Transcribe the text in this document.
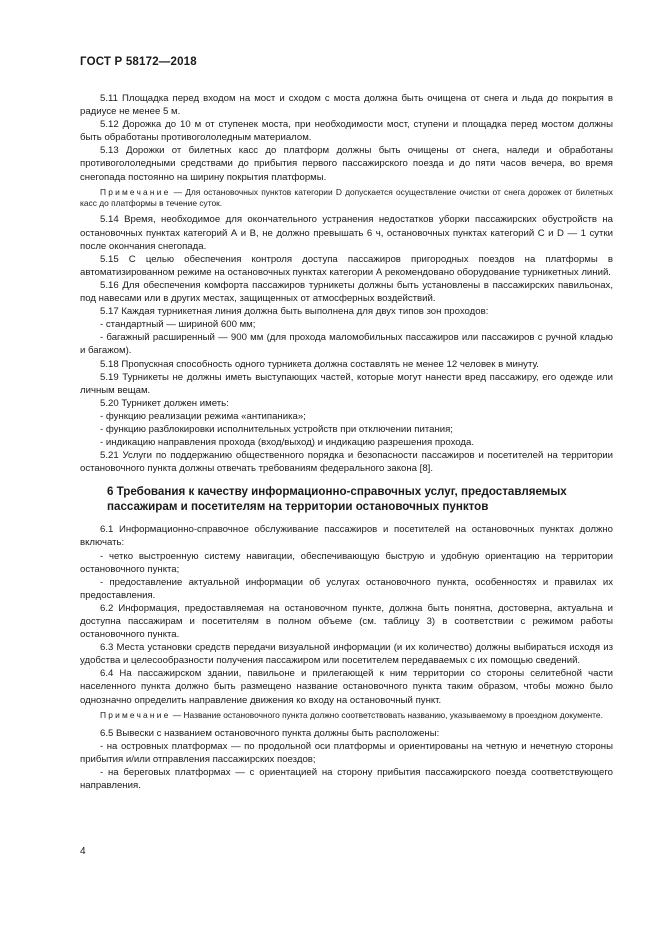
ГОСТ Р 58172—2018

5.11 Площадка перед входом на мост и сходом с моста должна быть очищена от снега и льда до покрытия в радиусе не менее 5 м.

5.12 Дорожка до 10 м от ступенек моста, при необходимости мост, ступени и площадка перед мостом должны быть обработаны противогололедным материалом.

5.13 Дорожки от билетных касс до платформ должны быть очищены от снега, наледи и обработаны противогололедными средствами до прибытия первого пассажирского поезда и до пяти часов вечера, во время снегопада постоянно на ширину покрытия платформы.

Примечание — Для остановочных пунктов категории D допускается осуществление очистки от снега дорожек от билетных касс до платформы в течение суток.

5.14 Время, необходимое для окончательного устранения недостатков уборки пассажирских обустройств на остановочных пунктах категорий А и В, не должно превышать 6 ч, остановочных пунктах категорий С и D — 1 сутки после окончания снегопада.

5.15 С целью обеспечения контроля доступа пассажиров пригородных поездов на платформы в автоматизированном режиме на остановочных пунктах категории А рекомендовано оборудование турникетных линий.

5.16 Для обеспечения комфорта пассажиров турникеты должны быть установлены в пассажирских павильонах, под навесами или в других местах, защищенных от атмосферных воздействий.

5.17 Каждая турникетная линия должна быть выполнена для двух типов зон проходов:

- стандартный — шириной 600 мм;

- багажный расширенный — 900 мм (для прохода маломобильных пассажиров или пассажиров с ручной кладью и багажом).

5.18 Пропускная способность одного турникета должна составлять не менее 12 человек в минуту.

5.19 Турникеты не должны иметь выступающих частей, которые могут нанести вред пассажиру, его одежде или личным вещам.

5.20 Турникет должен иметь:

- функцию реализации режима «антипаника»;

- функцию разблокировки исполнительных устройств при отключении питания;

- индикацию направления прохода (вход/выход) и индикацию разрешения прохода.

5.21 Услуги по поддержанию общественного порядка и безопасности пассажиров и посетителей на территории остановочного пункта должны отвечать требованиям федерального закона [8].

6 Требования к качеству информационно-справочных услуг, предоставляемых пассажирам и посетителям на территории остановочных пунктов

6.1 Информационно-справочное обслуживание пассажиров и посетителей на остановочных пунктах должно включать:

- четко выстроенную систему навигации, обеспечивающую быструю и удобную ориентацию на территории остановочного пункта;

- предоставление актуальной информации об услугах остановочного пункта, особенностях и правилах их предоставления.

6.2 Информация, предоставляемая на остановочном пункте, должна быть понятна, достоверна, актуальна и доступна пассажирам и посетителям в полном объеме (см. таблицу 3) в соответствии с режимом работы остановочного пункта.

6.3 Места установки средств передачи визуальной информации (и их количество) должны выбираться исходя из удобства и целесообразности получения пассажиром или посетителем передаваемых с их помощью сведений.

6.4 На пассажирском здании, павильоне и прилегающей к ним территории со стороны селитебной части населенного пункта должно быть размещено название остановочного пункта таким образом, чтобы можно было однозначно определить направление движения ко входу на остановочный пункт.

Примечание — Название остановочного пункта должно соответствовать названию, указываемому в проездном документе.

6.5 Вывески с названием остановочного пункта должны быть расположены:

- на островных платформах — по продольной оси платформы и ориентированы на четную и нечетную стороны прибытия и/или отправления пассажирских поездов;

- на береговых платформах — с ориентацией на сторону прибытия пассажирского поезда соответствующего направления.

4
